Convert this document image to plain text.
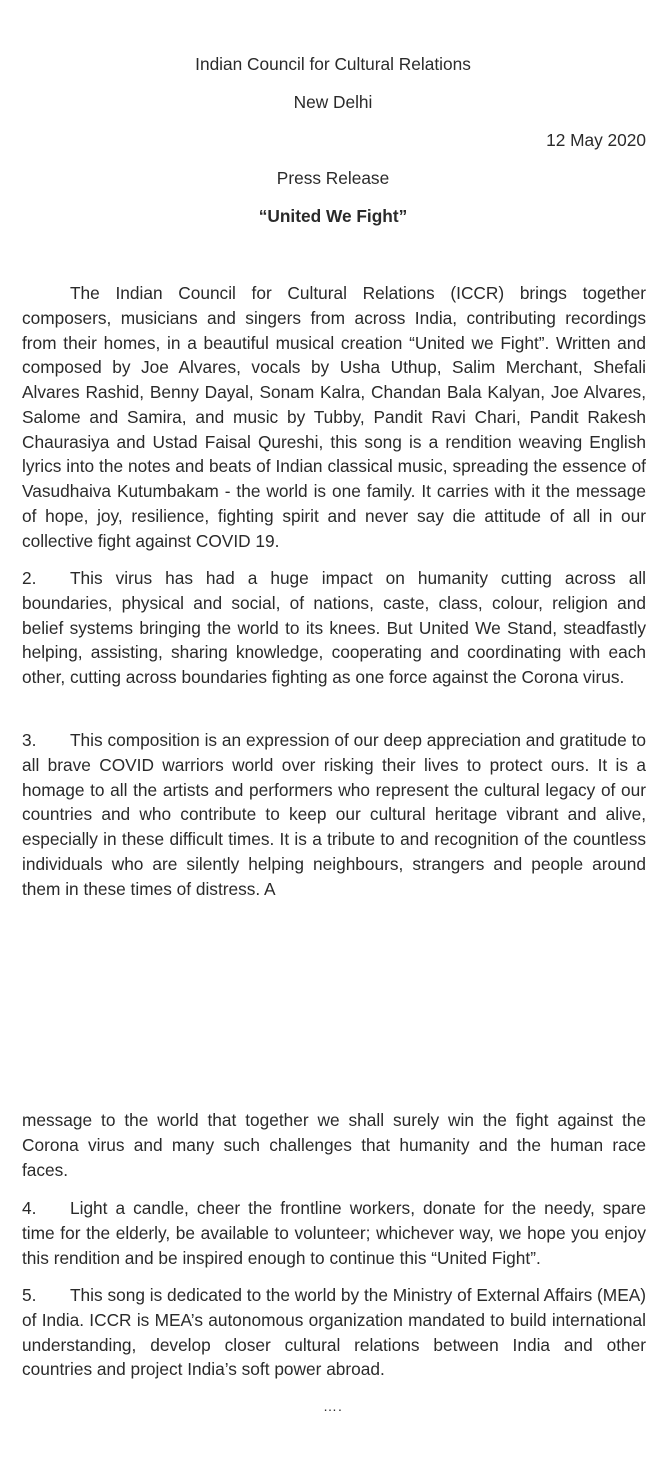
Indian Council for Cultural Relations

New Delhi

12 May 2020

Press Release

“United We Fight”

The Indian Council for Cultural Relations (ICCR) brings together composers, musicians and singers from across India, contributing recordings from their homes, in a beautiful musical creation “United we Fight”. Written and composed by Joe Alvares, vocals by Usha Uthup, Salim Merchant, Shefali Alvares Rashid, Benny Dayal, Sonam Kalra, Chandan Bala Kalyan, Joe Alvares, Salome and Samira, and music by Tubby, Pandit Ravi Chari, Pandit Rakesh Chaurasiya and Ustad Faisal Qureshi, this song is a rendition weaving English lyrics into the notes and beats of Indian classical music, spreading the essence of Vasudhaiva Kutumbakam - the world is one family. It carries with it the message of hope, joy, resilience, fighting spirit and never say die attitude of all in our collective fight against COVID 19.

2. This virus has had a huge impact on humanity cutting across all boundaries, physical and social, of nations, caste, class, colour, religion and belief systems bringing the world to its knees. But United We Stand, steadfastly helping, assisting, sharing knowledge, cooperating and coordinating with each other, cutting across boundaries fighting as one force against the Corona virus.

3. This composition is an expression of our deep appreciation and gratitude to all brave COVID warriors world over risking their lives to protect ours. It is a homage to all the artists and performers who represent the cultural legacy of our countries and who contribute to keep our cultural heritage vibrant and alive, especially in these difficult times. It is a tribute to and recognition of the countless individuals who are silently helping neighbours, strangers and people around them in these times of distress. A

message to the world that together we shall surely win the fight against the Corona virus and many such challenges that humanity and the human race faces.

4. Light a candle, cheer the frontline workers, donate for the needy, spare time for the elderly, be available to volunteer; whichever way, we hope you enjoy this rendition and be inspired enough to continue this “United Fight”.

5. This song is dedicated to the world by the Ministry of External Affairs (MEA) of India. ICCR is MEA’s autonomous organization mandated to build international understanding, develop closer cultural relations between India and other countries and project India’s soft power abroad.

….
